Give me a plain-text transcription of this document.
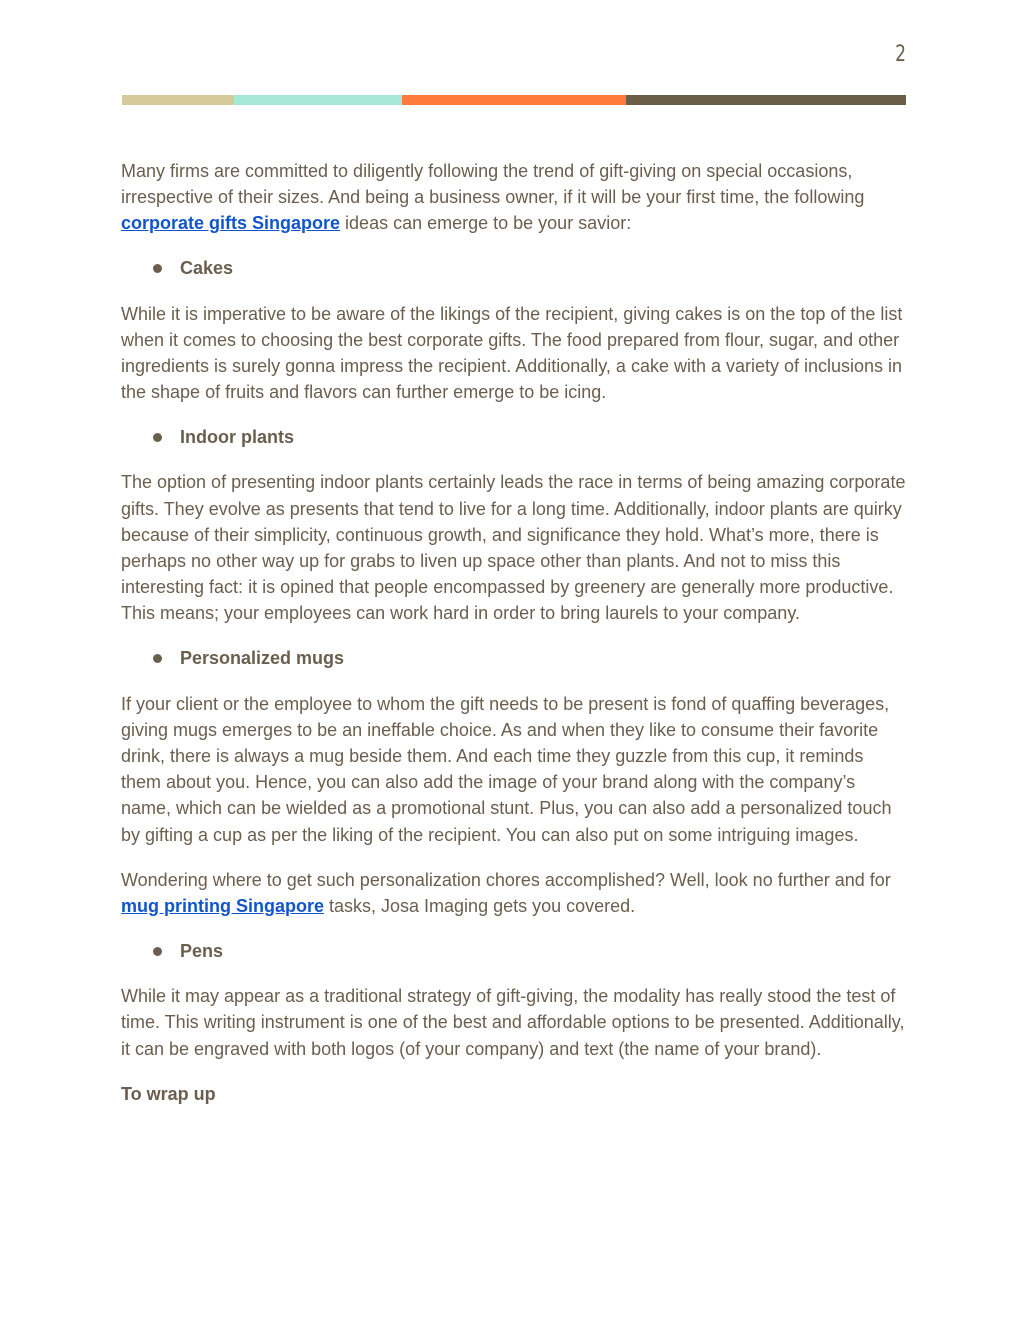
2

Many firms are committed to diligently following the trend of gift-giving on special occasions, irrespective of their sizes. And being a business owner, if it will be your first time, the following corporate gifts Singapore ideas can emerge to be your savior:

Cakes

While it is imperative to be aware of the likings of the recipient, giving cakes is on the top of the list when it comes to choosing the best corporate gifts. The food prepared from flour, sugar, and other ingredients is surely gonna impress the recipient. Additionally, a cake with a variety of inclusions in the shape of fruits and flavors can further emerge to be icing.

Indoor plants

The option of presenting indoor plants certainly leads the race in terms of being amazing corporate gifts. They evolve as presents that tend to live for a long time. Additionally, indoor plants are quirky because of their simplicity, continuous growth, and significance they hold. What’s more, there is perhaps no other way up for grabs to liven up space other than plants. And not to miss this interesting fact: it is opined that people encompassed by greenery are generally more productive. This means; your employees can work hard in order to bring laurels to your company.

Personalized mugs

If your client or the employee to whom the gift needs to be present is fond of quaffing beverages, giving mugs emerges to be an ineffable choice. As and when they like to consume their favorite drink, there is always a mug beside them. And each time they guzzle from this cup, it reminds them about you. Hence, you can also add the image of your brand along with the company’s name, which can be wielded as a promotional stunt. Plus, you can also add a personalized touch by gifting a cup as per the liking of the recipient. You can also put on some intriguing images.

Wondering where to get such personalization chores accomplished? Well, look no further and for mug printing Singapore tasks, Josa Imaging gets you covered.

Pens

While it may appear as a traditional strategy of gift-giving, the modality has really stood the test of time. This writing instrument is one of the best and affordable options to be presented. Additionally, it can be engraved with both logos (of your company) and text (the name of your brand).

To wrap up
